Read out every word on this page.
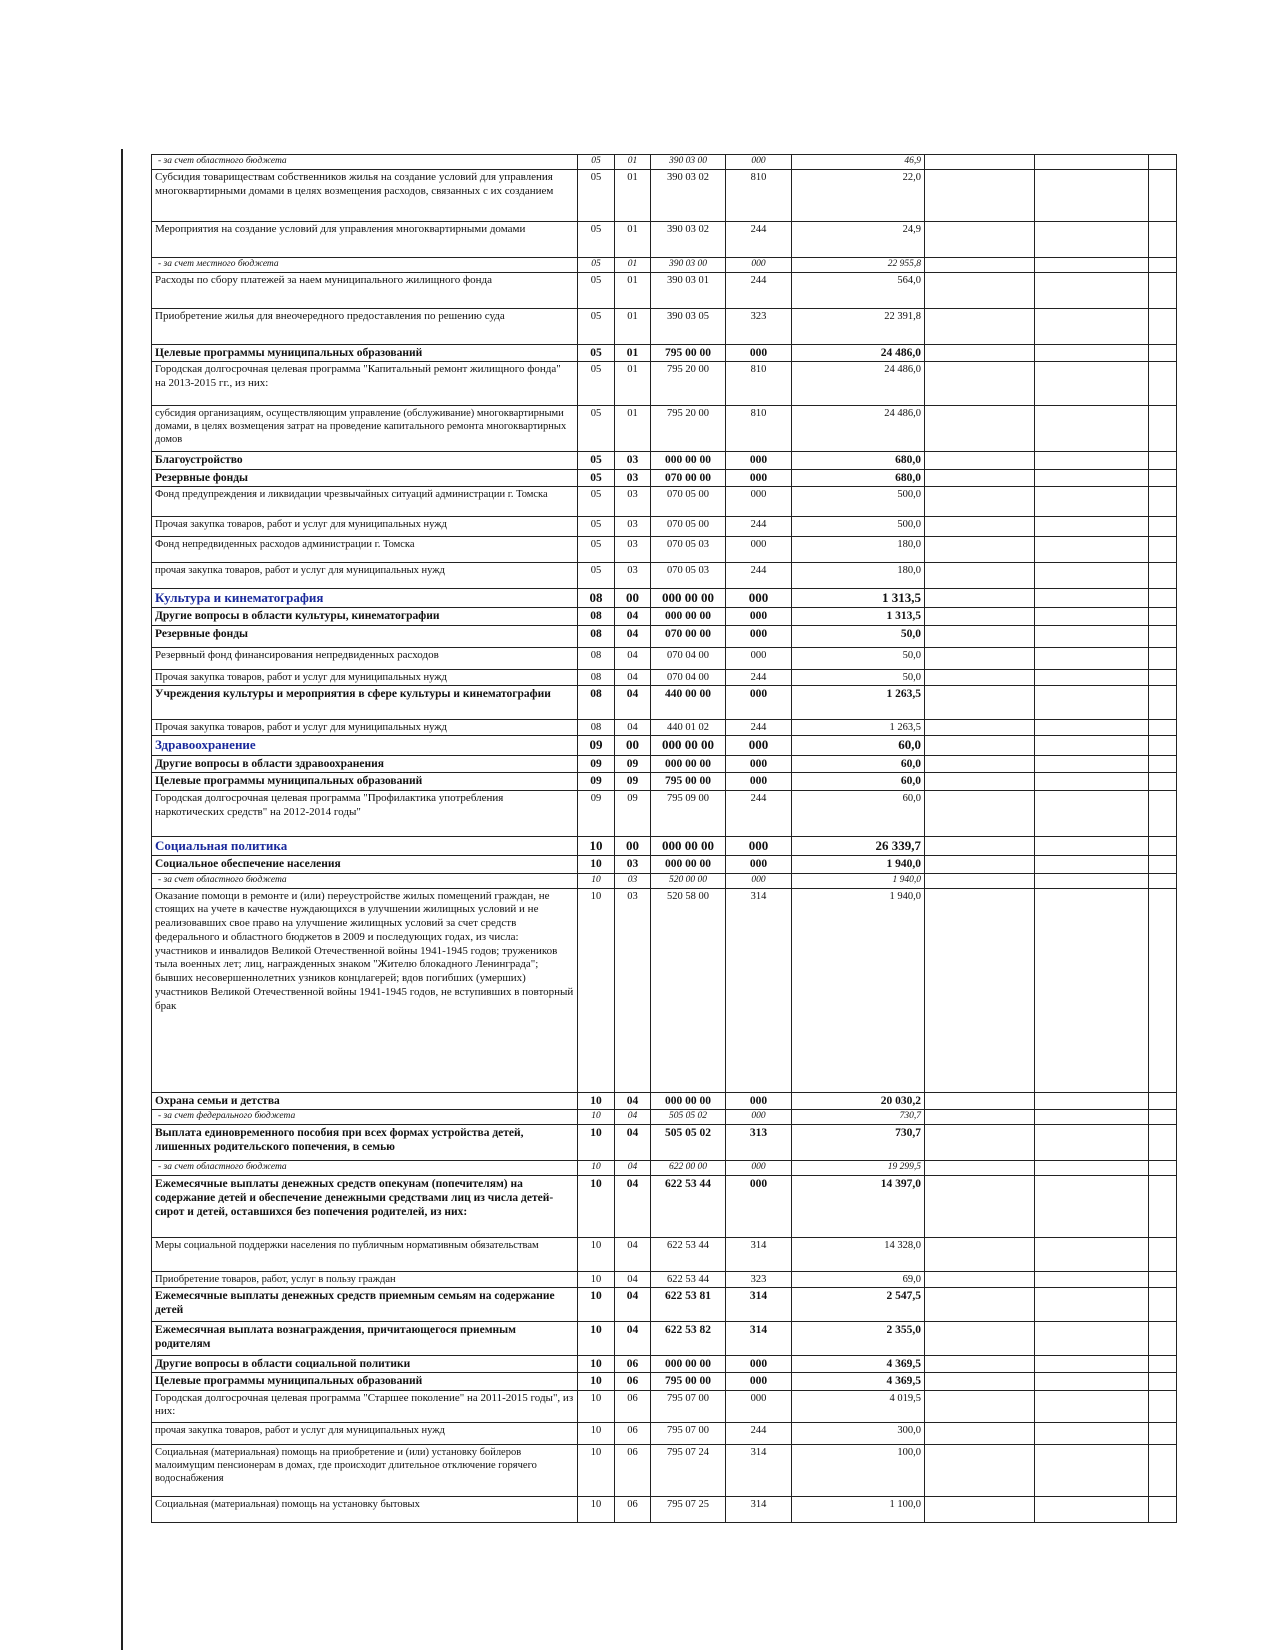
- за счет областного бюджета	05	01	390 03 00	000	46,9			
Субсидия товариществам собственников жилья на создание условий для управления многоквартирными домами в целях возмещения расходов, связанных с их созданием	05	01	390 03 02	810	22,0			
Мероприятия на создание условий для управления многоквартирными домами	05	01	390 03 02	244	24,9			
- за счет местного бюджета	05	01	390 03 00	000	22 955,8			
Расходы по сбору платежей за наем муниципального жилищного фонда	05	01	390 03 01	244	564,0			
Приобретение жилья для внеочередного предоставления по решению суда	05	01	390 03 05	323	22 391,8			
Целевые программы муниципальных образований	05	01	795 00 00	000	24 486,0			
Городская долгосрочная целевая программа "Капитальный ремонт жилищного фонда" на 2013-2015 гг., из них:	05	01	795 20 00	810	24 486,0			
субсидия организациям, осуществляющим управление (обслуживание) многоквартирными домами, в целях возмещения затрат на проведение капитального ремонта многоквартирных домов	05	01	795 20 00	810	24 486,0			
Благоустройство	05	03	000 00 00	000	680,0			
Резервные фонды	05	03	070 00 00	000	680,0			
Фонд предупреждения и ликвидации чрезвычайных ситуаций администрации г. Томска	05	03	070 05 00	000	500,0			
Прочая закупка товаров, работ и услуг для муниципальных нужд	05	03	070 05 00	244	500,0			
Фонд непредвиденных расходов администрации г. Томска	05	03	070 05 03	000	180,0			
прочая закупка товаров, работ и услуг для муниципальных нужд	05	03	070 05 03	244	180,0			
Культура и кинематография	08	00	000 00 00	000	1 313,5			
Другие вопросы в области культуры, кинематографии	08	04	000 00 00	000	1 313,5			
Резервные фонды	08	04	070 00 00	000	50,0			
Резервный фонд финансирования непредвиденных расходов	08	04	070 04 00	000	50,0			
Прочая закупка товаров, работ и услуг для муниципальных нужд	08	04	070 04 00	244	50,0			
Учреждения культуры и мероприятия в сфере культуры и кинематографии	08	04	440 00 00	000	1 263,5			
Прочая закупка товаров, работ и услуг для муниципальных нужд	08	04	440 01 02	244	1 263,5			
Здравоохранение	09	00	000 00 00	000	60,0			
Другие вопросы в области здравоохранения	09	09	000 00 00	000	60,0			
Целевые программы муниципальных образований	09	09	795 00 00	000	60,0			
Городская долгосрочная целевая программа "Профилактика употребления наркотических средств" на 2012-2014 годы"	09	09	795 09 00	244	60,0			
Социальная политика	10	00	000 00 00	000	26 339,7			
Социальное обеспечение населения	10	03	000 00 00	000	1 940,0			
- за счет областного бюджета	10	03	520 00 00	000	1 940,0			
Оказание помощи в ремонте и (или) переустройстве жилых помещений граждан, не стоящих на учете в качестве нуждающихся в улучшении жилищных условий и не реализовавших свое право на улучшение жилищных условий за счет средств федерального и областного бюджетов в 2009 и последующих годах, из числа: участников и инвалидов Великой Отечественной войны 1941-1945 годов; тружеников тыла военных лет; лиц, награжденных знаком "Жителю блокадного Ленинграда"; бывших несовершеннолетних узников концлагерей; вдов погибших (умерших) участников Великой Отечественной войны 1941-1945 годов, не вступивших в повторный брак	10	03	520 58 00	314	1 940,0			
Охрана семьи и детства	10	04	000 00 00	000	20 030,2			
- за счет федерального бюджета	10	04	505 05 02	000	730,7			
Выплата единовременного пособия при всех формах устройства детей, лишенных родительского попечения, в семью	10	04	505 05 02	313	730,7			
- за счет областного бюджета	10	04	622 00 00	000	19 299,5			
Ежемесячные выплаты денежных средств опекунам (попечителям) на содержание детей и обеспечение денежными средствами лиц из числа детей-сирот и детей, оставшихся без попечения родителей, из них:	10	04	622 53 44	000	14 397,0			
Меры социальной поддержки населения по публичным нормативным обязательствам	10	04	622 53 44	314	14 328,0			
Приобретение товаров, работ, услуг в пользу граждан	10	04	622 53 44	323	69,0			
Ежемесячные выплаты денежных средств приемным семьям на содержание детей	10	04	622 53 81	314	2 547,5			
Ежемесячная выплата вознаграждения, причитающегося приемным родителям	10	04	622 53 82	314	2 355,0			
Другие вопросы в области социальной политики	10	06	000 00 00	000	4 369,5			
Целевые программы муниципальных образований	10	06	795 00 00	000	4 369,5			
Городская долгосрочная целевая программа "Старшее поколение" на 2011-2015 годы", из них:	10	06	795 07 00	000	4 019,5			
прочая закупка товаров, работ и услуг для муниципальных нужд	10	06	795 07 00	244	300,0			
Социальная (материальная) помощь на приобретение и (или) установку бойлеров малоимущим пенсионерам в домах, где происходит длительное отключение горячего водоснабжения	10	06	795 07 24	314	100,0			
Социальная (материальная) помощь на установку бытовых	10	06	795 07 25	314	1 100,0			
